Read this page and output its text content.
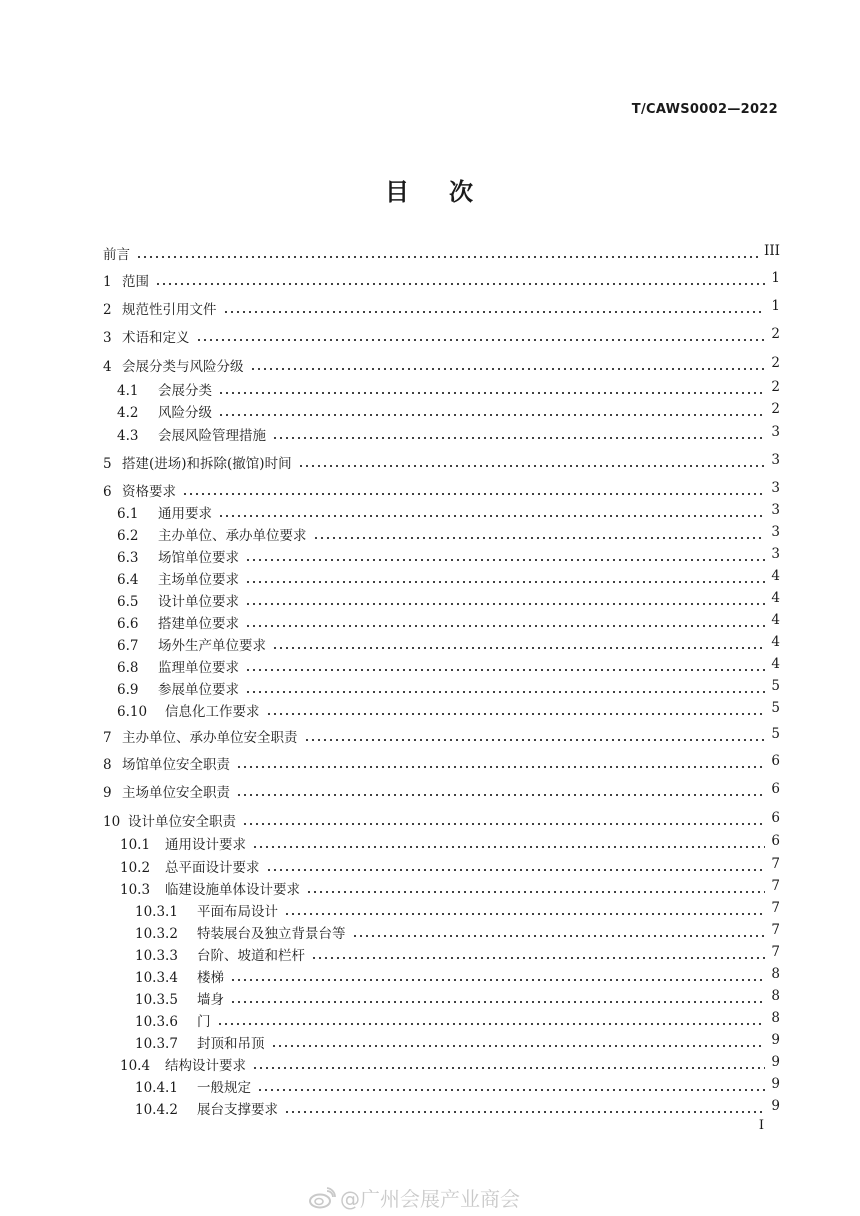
T/CAWS0002—2022
目 次
前言	III
1 范围	1
2 规范性引用文件	1
3 术语和定义	2
4 会展分类与风险分级	2
4.1 会展分类	2
4.2 风险分级	2
4.3 会展风险管理措施	3
5 搭建(进场)和拆除(撤馆)时间	3
6 资格要求	3
6.1 通用要求	3
6.2 主办单位、承办单位要求	3
6.3 场馆单位要求	3
6.4 主场单位要求	4
6.5 设计单位要求	4
6.6 搭建单位要求	4
6.7 场外生产单位要求	4
6.8 监理单位要求	4
6.9 参展单位要求	5
6.10 信息化工作要求	5
7 主办单位、承办单位安全职责	5
8 场馆单位安全职责	6
9 主场单位安全职责	6
10 设计单位安全职责	6
10.1 通用设计要求	6
10.2 总平面设计要求	7
10.3 临建设施单体设计要求	7
10.3.1 平面布局设计	7
10.3.2 特装展台及独立背景台等	7
10.3.3 台阶、坡道和栏杆	7
10.3.4 楼梯	8
10.3.5 墙身	8
10.3.6 门	8
10.3.7 封顶和吊顶	9
10.4 结构设计要求	9
10.4.1 一般规定	9
10.4.2 展台支撑要求	9
I
@广州会展产业商会
